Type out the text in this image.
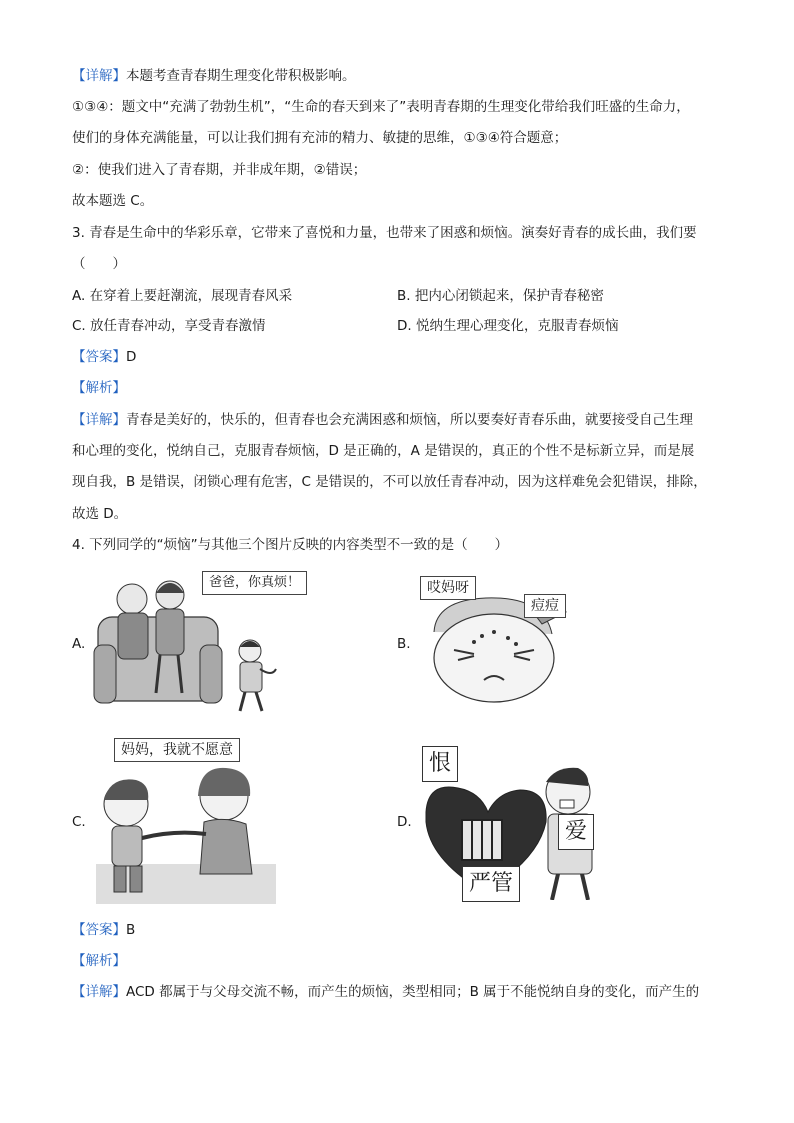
【详解】本题考查青春期生理变化带积极影响。
①③④：题文中“充满了勃勃生机”，“生命的春天到来了”表明青春期的生理变化带给我们旺盛的生命力，
使们的身体充满能量，可以让我们拥有充沛的精力、敏捷的思维，①③④符合题意；
②：使我们进入了青春期，并非成年期，②错误；
故本题选 C。
3. 青春是生命中的华彩乐章，它带来了喜悦和力量，也带来了困惑和烦恼。演奏好青春的成长曲，我们要
（　　）
A. 在穿着上要赶潮流，展现青春风采	B. 把内心闭锁起来，保护青春秘密
C. 放任青春冲动，享受青春激情	D. 悦纳生理心理变化，克服青春烦恼
【答案】D
【解析】
【详解】青春是美好的，快乐的，但青春也会充满困惑和烦恼，所以要奏好青春乐曲，就要接受自己生理
和心理的变化，悦纳自己，克服青春烦恼，D 是正确的，A 是错误的，真正的个性不是标新立异，而是展
现自我，B 是错误，闭锁心理有危害，C 是错误的，不可以放任青春冲动，因为这样难免会犯错误，排除，
故选 D。
4. 下列同学的“烦恼”与其他三个图片反映的内容类型不一致的是（　　）
A.
爸爸，你真烦！
B.
哎妈呀
痘痘
C.
妈妈，我就不愿意
D.
恨
爱
严管
【答案】B
【解析】
【详解】ACD 都属于与父母交流不畅，而产生的烦恼，类型相同；B 属于不能悦纳自身的变化，而产生的
